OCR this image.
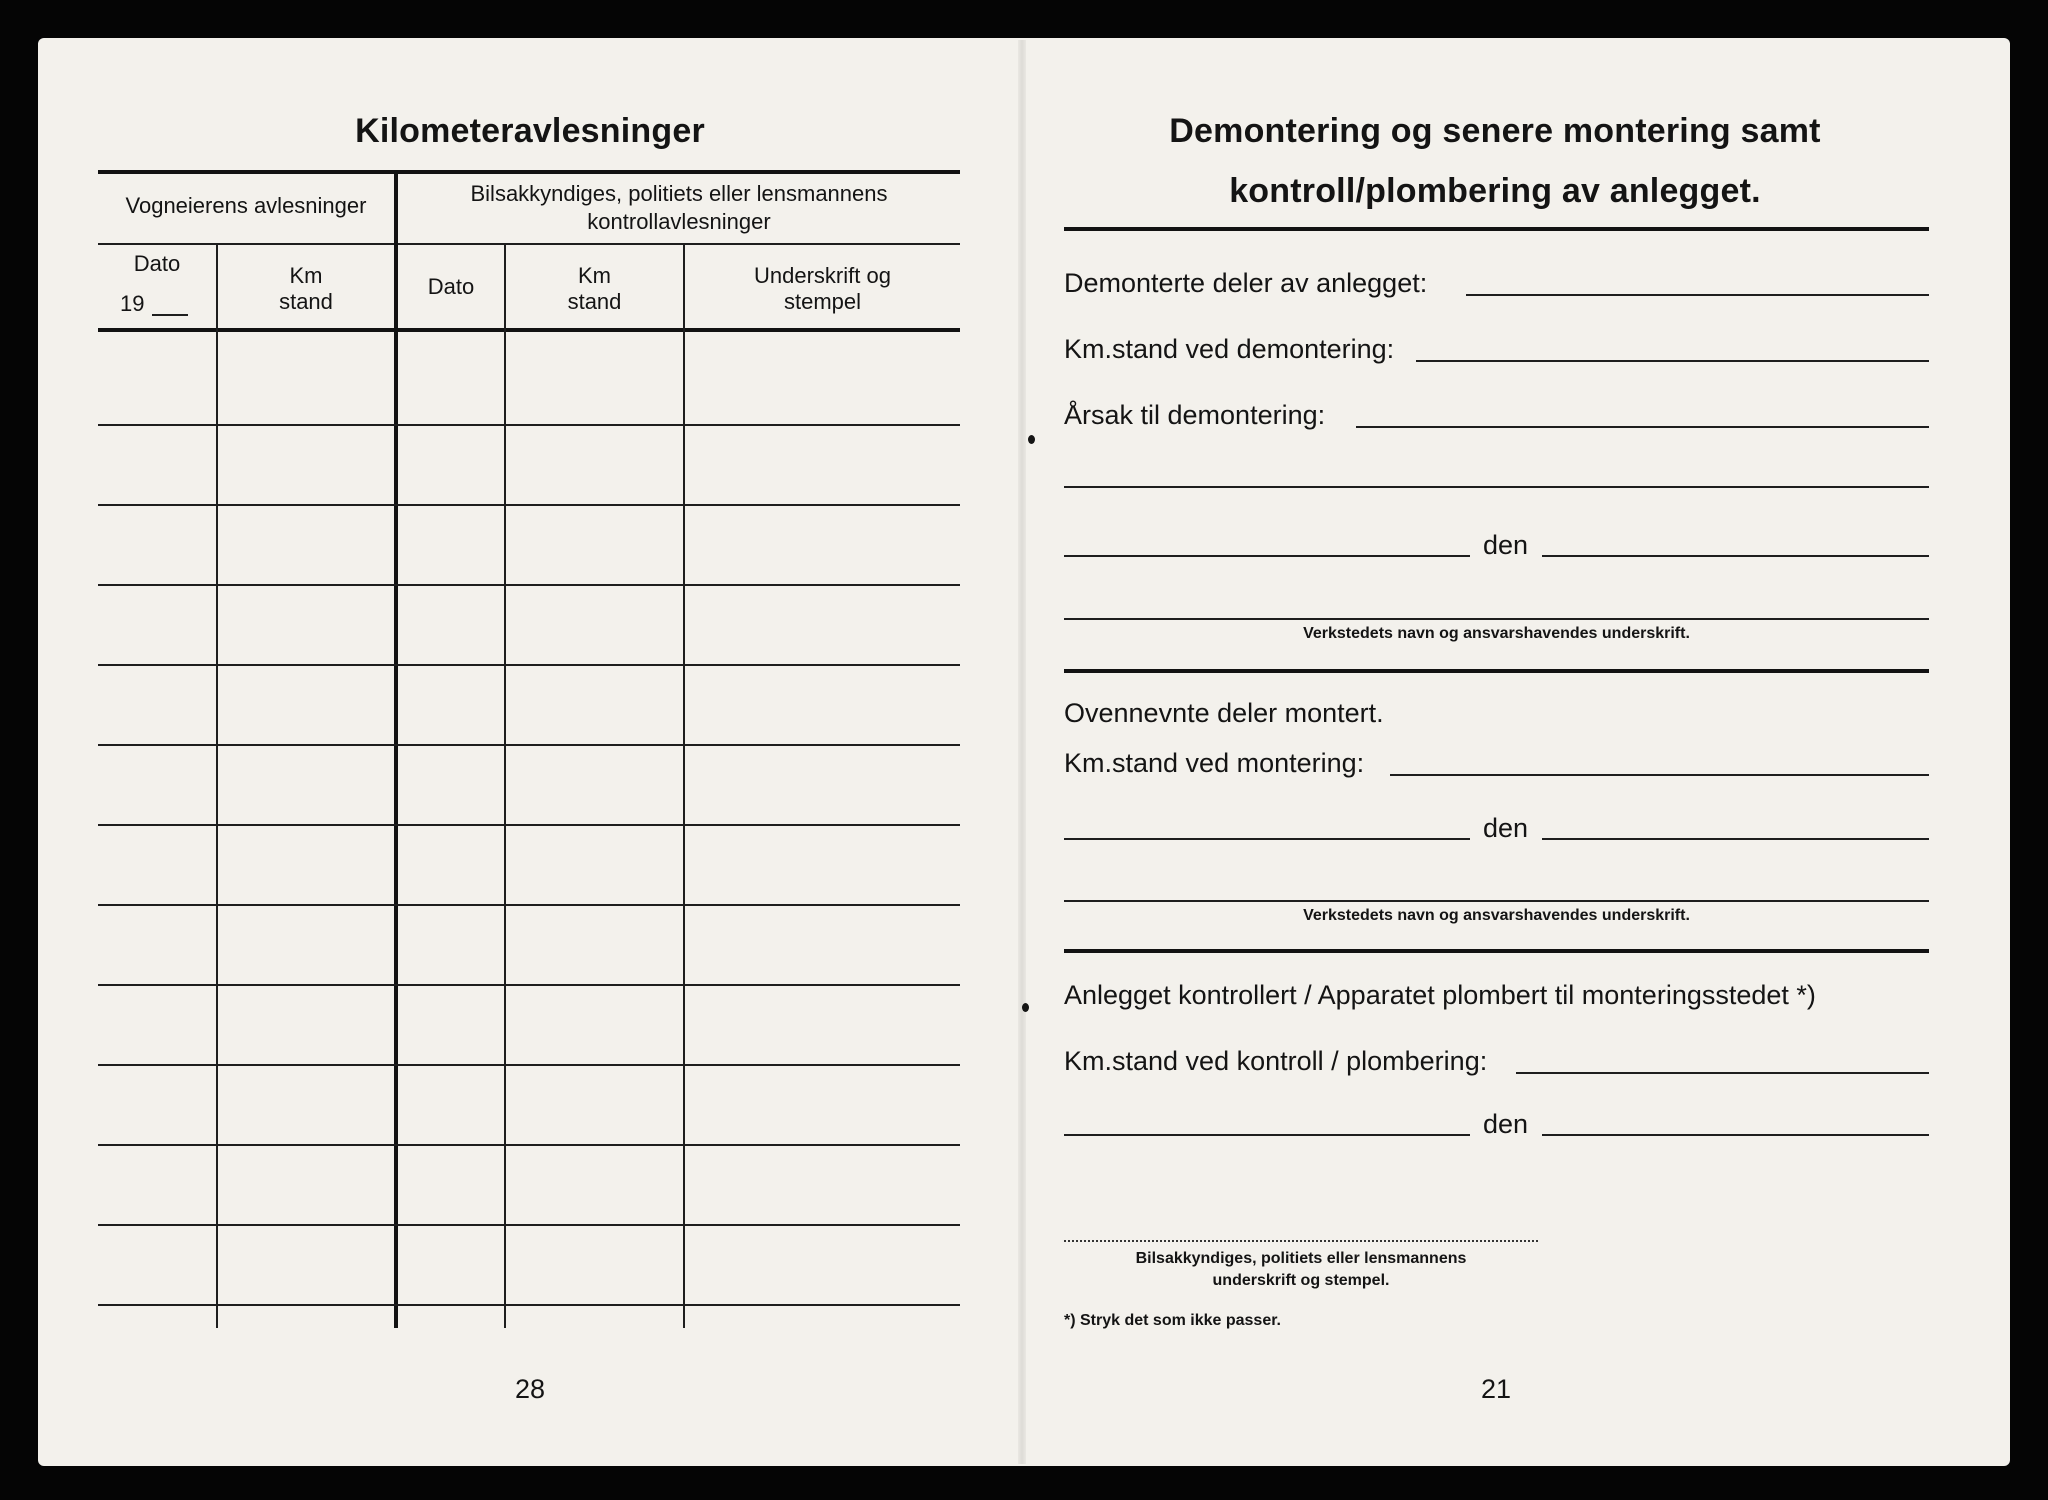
Kilometeravlesninger
Vogneierens avlesninger	Bilsakkyndiges, politiets eller lensmannens
kontrollavlesninger
Dato
19
Km
stand
Dato	Km
stand
Underskrift og
stempel
28
Demontering og senere montering samt
kontroll/plombering av anlegget.
Demonterte deler av anlegget:
Km.stand ved demontering:
Årsak til demontering:
den
Verkstedets navn og ansvarshavendes underskrift.
Ovennevnte deler montert.
Km.stand ved montering:
den
Verkstedets navn og ansvarshavendes underskrift.
Anlegget kontrollert / Apparatet plombert til monteringsstedet *)
Km.stand ved kontroll / plombering:
den
Bilsakkyndiges, politiets eller lensmannens
underskrift og stempel.
*) Stryk det som ikke passer.
21
